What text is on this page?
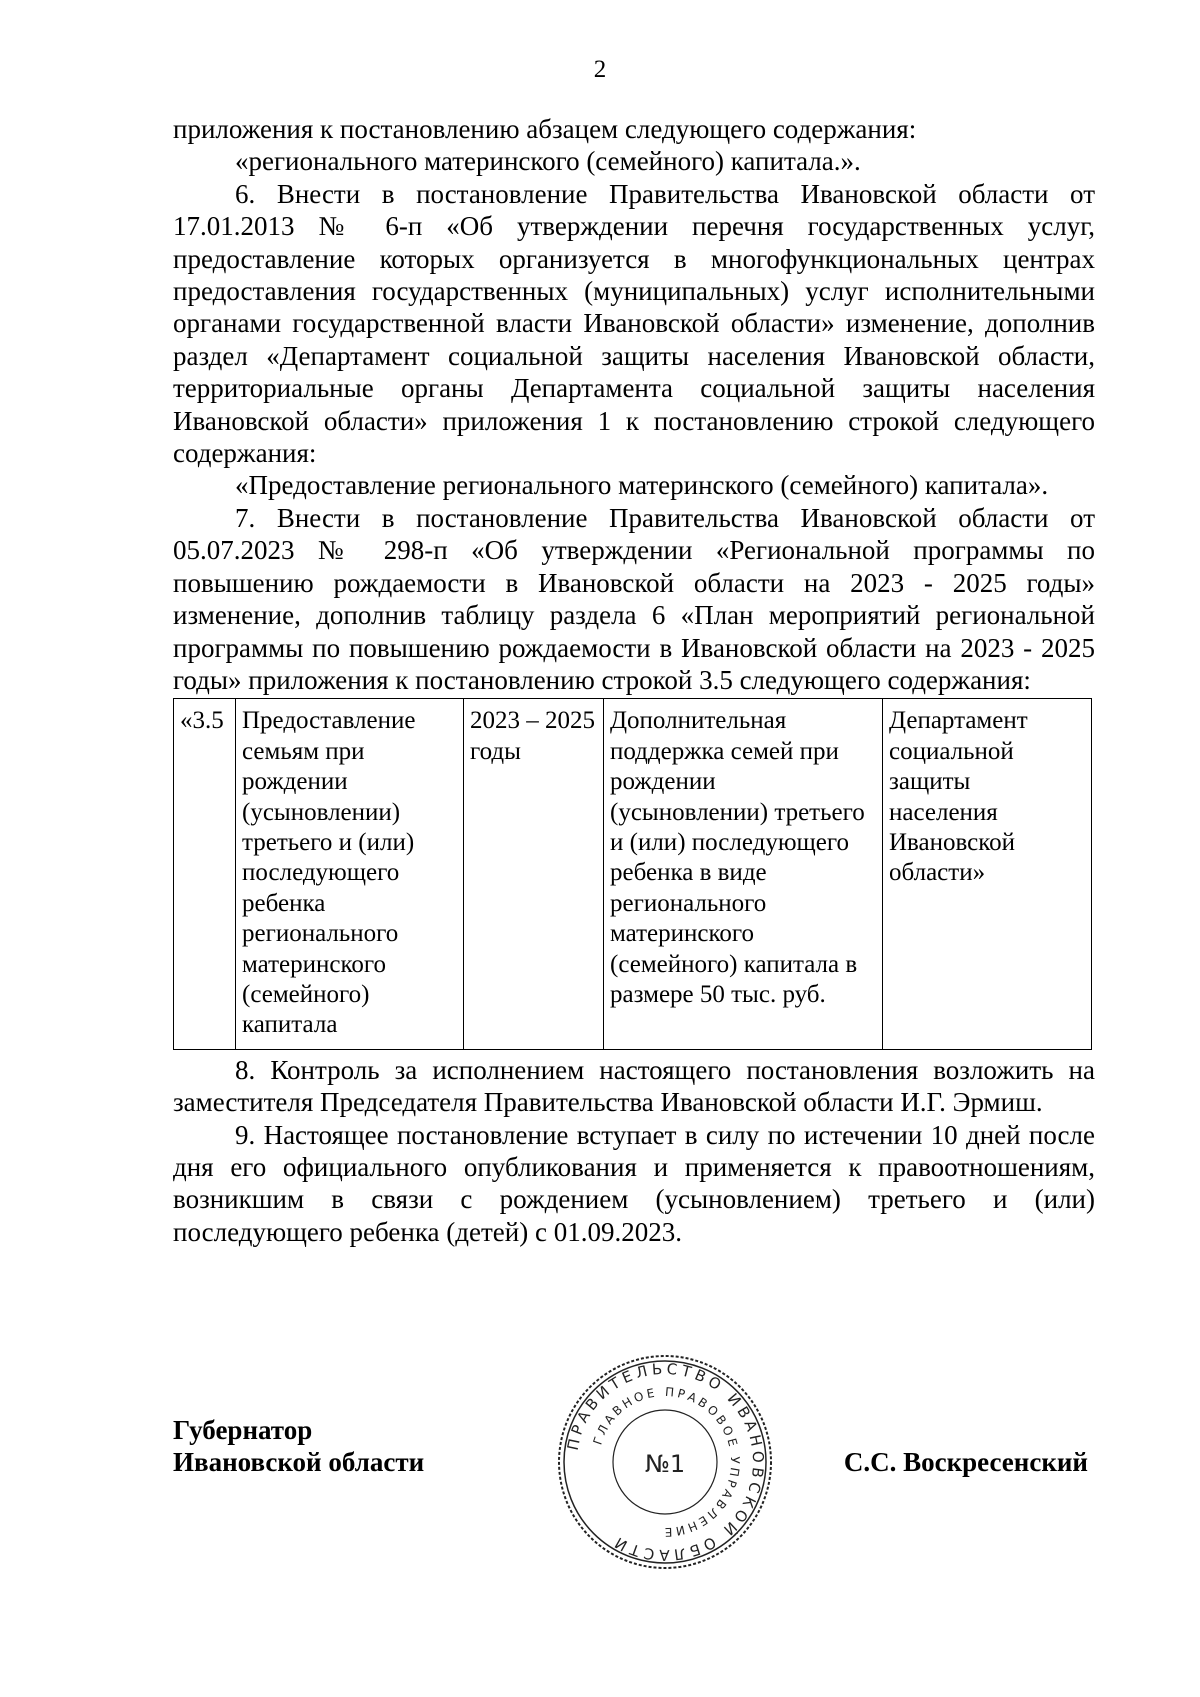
2

приложения к постановлению абзацем следующего содержания:

«регионального материнского (семейного) капитала.».

6. Внести в постановление Правительства Ивановской области от 17.01.2013 № 6-п «Об утверждении перечня государственных услуг, предоставление которых организуется в многофункциональных центрах предоставления государственных (муниципальных) услуг исполнительными органами государственной власти Ивановской области» изменение, дополнив раздел «Департамент социальной защиты населения Ивановской области, территориальные органы Департамента социальной защиты населения Ивановской области» приложения 1 к постановлению строкой следующего содержания:

«Предоставление регионального материнского (семейного) капитала».

7. Внести в постановление Правительства Ивановской области от 05.07.2023 № 298-п «Об утверждении «Региональной программы по повышению рождаемости в Ивановской области на 2023 - 2025 годы» изменение, дополнив таблицу раздела 6 «План мероприятий региональной программы по повышению рождаемости в Ивановской области на 2023 - 2025 годы» приложения к постановлению строкой 3.5 следующего содержания:

«3.5	Предоставление семьям при рождении (усыновлении) третьего и (или) последующего ребенка регионального материнского (семейного) капитала	2023 – 2025 годы	Дополнительная поддержка семей при рождении (усыновлении) третьего и (или) последующего ребенка в виде регионального материнского (семейного) капитала в размере 50 тыс. руб.	Департамент социальной защиты населения Ивановской области»

8. Контроль за исполнением настоящего постановления возложить на заместителя Председателя Правительства Ивановской области И.Г. Эрмиш.

9. Настоящее постановление вступает в силу по истечении 10 дней после дня его официального опубликования и применяется к правоотношениям, возникшим в связи с рождением (усыновлением) третьего и (или) последующего ребенка (детей) с 01.09.2023.

Губернатор
Ивановской области
ПРАВИТЕЛЬСТВО ИВАНОВСКОЙ ОБЛАСТИ
ГЛАВНОЕ ПРАВОВОЕ УПРАВЛЕНИЕ
№1	С.С. Воскресенский
